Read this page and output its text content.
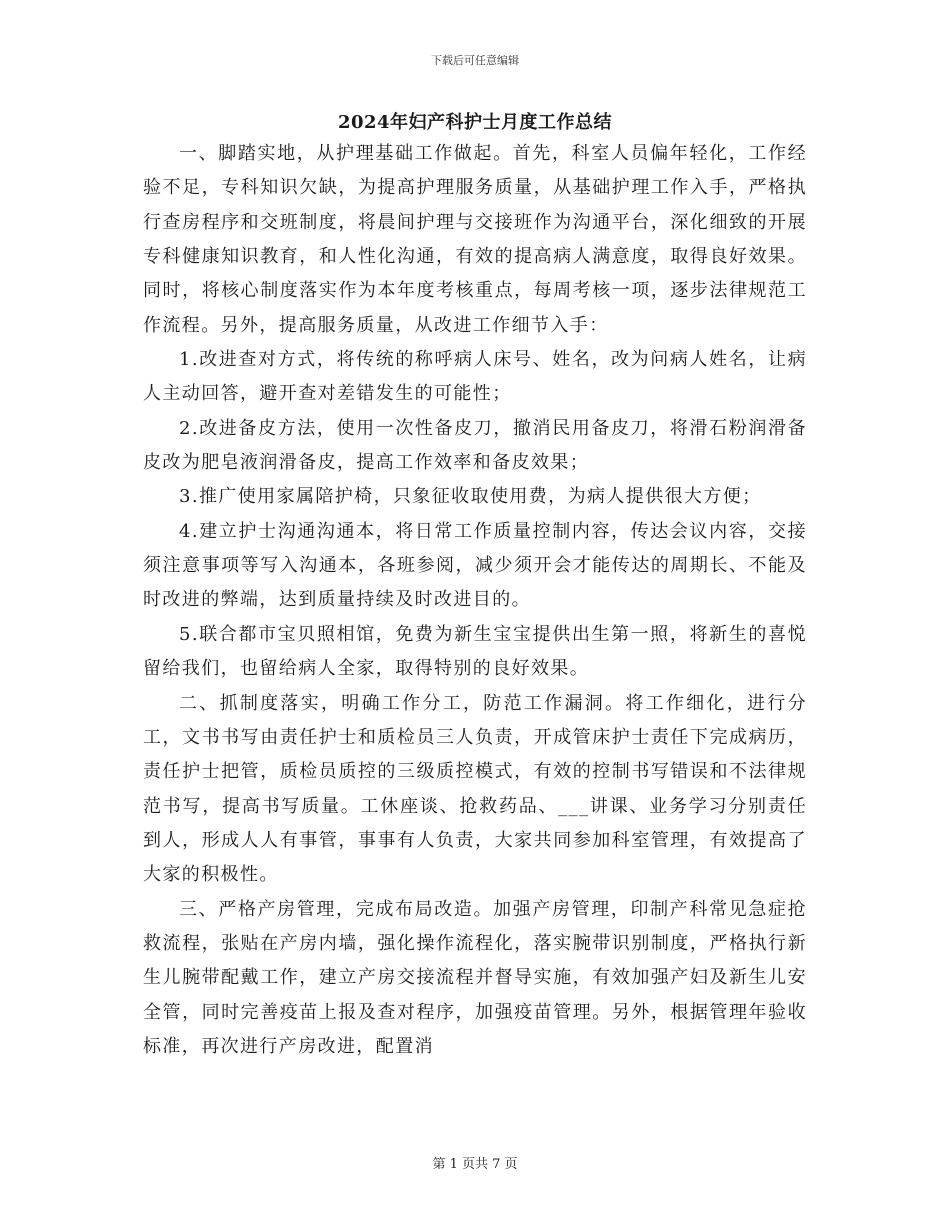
下载后可任意编辑
2024年妇产科护士月度工作总结

一、脚踏实地，从护理基础工作做起。首先，科室人员偏年轻化，工作经验不足，专科知识欠缺，为提高护理服务质量，从基础护理工作入手，严格执行查房程序和交班制度，将晨间护理与交接班作为沟通平台，深化细致的开展专科健康知识教育，和人性化沟通，有效的提高病人满意度，取得良好效果。同时，将核心制度落实作为本年度考核重点，每周考核一项，逐步法律规范工作流程。另外，提高服务质量，从改进工作细节入手：

1.改进查对方式，将传统的称呼病人床号、姓名，改为问病人姓名，让病人主动回答，避开查对差错发生的可能性；

2.改进备皮方法，使用一次性备皮刀，撤消民用备皮刀，将滑石粉润滑备皮改为肥皂液润滑备皮，提高工作效率和备皮效果；

3.推广使用家属陪护椅，只象征收取使用费，为病人提供很大方便；

4.建立护士沟通沟通本，将日常工作质量控制内容，传达会议内容，交接须注意事项等写入沟通本，各班参阅，减少须开会才能传达的周期长、不能及时改进的弊端，达到质量持续及时改进目的。

5.联合都市宝贝照相馆，免费为新生宝宝提供出生第一照，将新生的喜悦留给我们，也留给病人全家，取得特别的良好效果。

二、抓制度落实，明确工作分工，防范工作漏洞。将工作细化，进行分工，文书书写由责任护士和质检员三人负责，开成管床护士责任下完成病历，责任护士把管，质检员质控的三级质控模式，有效的控制书写错误和不法律规范书写，提高书写质量。工休座谈、抢救药品、___讲课、业务学习分别责任到人，形成人人有事管，事事有人负责，大家共同参加科室管理，有效提高了大家的积极性。

三、严格产房管理，完成布局改造。加强产房管理，印制产科常见急症抢救流程，张贴在产房内墙，强化操作流程化，落实腕带识别制度，严格执行新生儿腕带配戴工作，建立产房交接流程并督导实施，有效加强产妇及新生儿安全管，同时完善疫苗上报及查对程序，加强疫苗管理。另外，根据管理年验收标准，再次进行产房改进，配置消

第 1 页共 7 页
